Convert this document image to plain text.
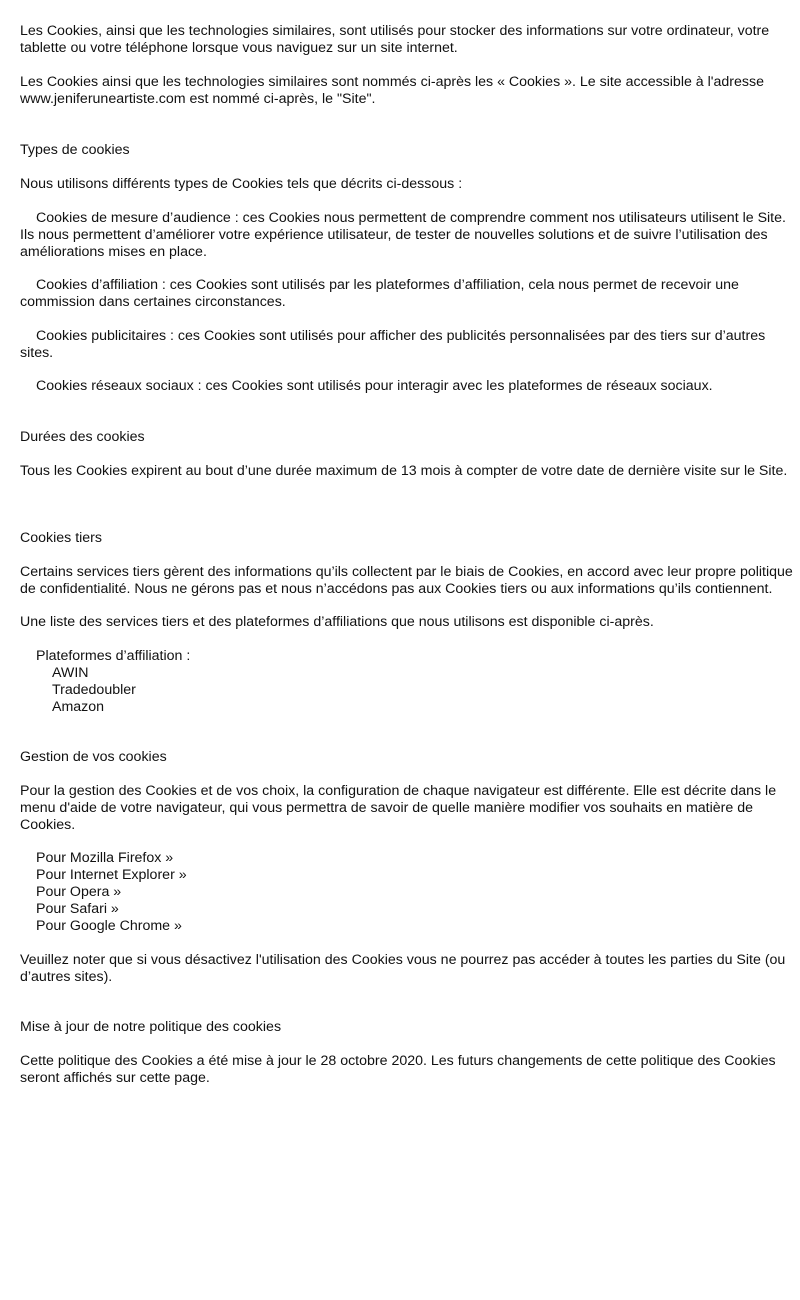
Les Cookies, ainsi que les technologies similaires, sont utilisés pour stocker des informations sur votre ordinateur, votre tablette ou votre téléphone lorsque vous naviguez sur un site internet.

Les Cookies ainsi que les technologies similaires sont nommés ci-après les « Cookies ». Le site accessible à l'adresse www.jeniferuneartiste.com est nommé ci-après, le "Site".

Types de cookies

Nous utilisons différents types de Cookies tels que décrits ci-dessous :

Cookies de mesure d’audience : ces Cookies nous permettent de comprendre comment nos utilisateurs utilisent le Site. Ils nous permettent d’améliorer votre expérience utilisateur, de tester de nouvelles solutions et de suivre l’utilisation des améliorations mises en place.

Cookies d’affiliation : ces Cookies sont utilisés par les plateformes d’affiliation, cela nous permet de recevoir une commission dans certaines circonstances.

Cookies publicitaires : ces Cookies sont utilisés pour afficher des publicités personnalisées par des tiers sur d’autres sites.

Cookies réseaux sociaux : ces Cookies sont utilisés pour interagir avec les plateformes de réseaux sociaux.

Durées des cookies

Tous les Cookies expirent au bout d’une durée maximum de 13 mois à compter de votre date de dernière visite sur le Site.

Cookies tiers

Certains services tiers gèrent des informations qu’ils collectent par le biais de Cookies, en accord avec leur propre politique de confidentialité. Nous ne gérons pas et nous n’accédons pas aux Cookies tiers ou aux informations qu’ils contiennent.

Une liste des services tiers et des plateformes d’affiliations que nous utilisons est disponible ci-après.

Plateformes d’affiliation :

AWIN

Tradedoubler

Amazon

Gestion de vos cookies

Pour la gestion des Cookies et de vos choix, la configuration de chaque navigateur est différente. Elle est décrite dans le menu d'aide de votre navigateur, qui vous permettra de savoir de quelle manière modifier vos souhaits en matière de Cookies.

Pour Mozilla Firefox »
Pour Internet Explorer »
Pour Opera »
Pour Safari »
Pour Google Chrome »

Veuillez noter que si vous désactivez l'utilisation des Cookies vous ne pourrez pas accéder à toutes les parties du Site (ou d’autres sites).

Mise à jour de notre politique des cookies

Cette politique des Cookies a été mise à jour le 28 octobre 2020. Les futurs changements de cette politique des Cookies seront affichés sur cette page.
